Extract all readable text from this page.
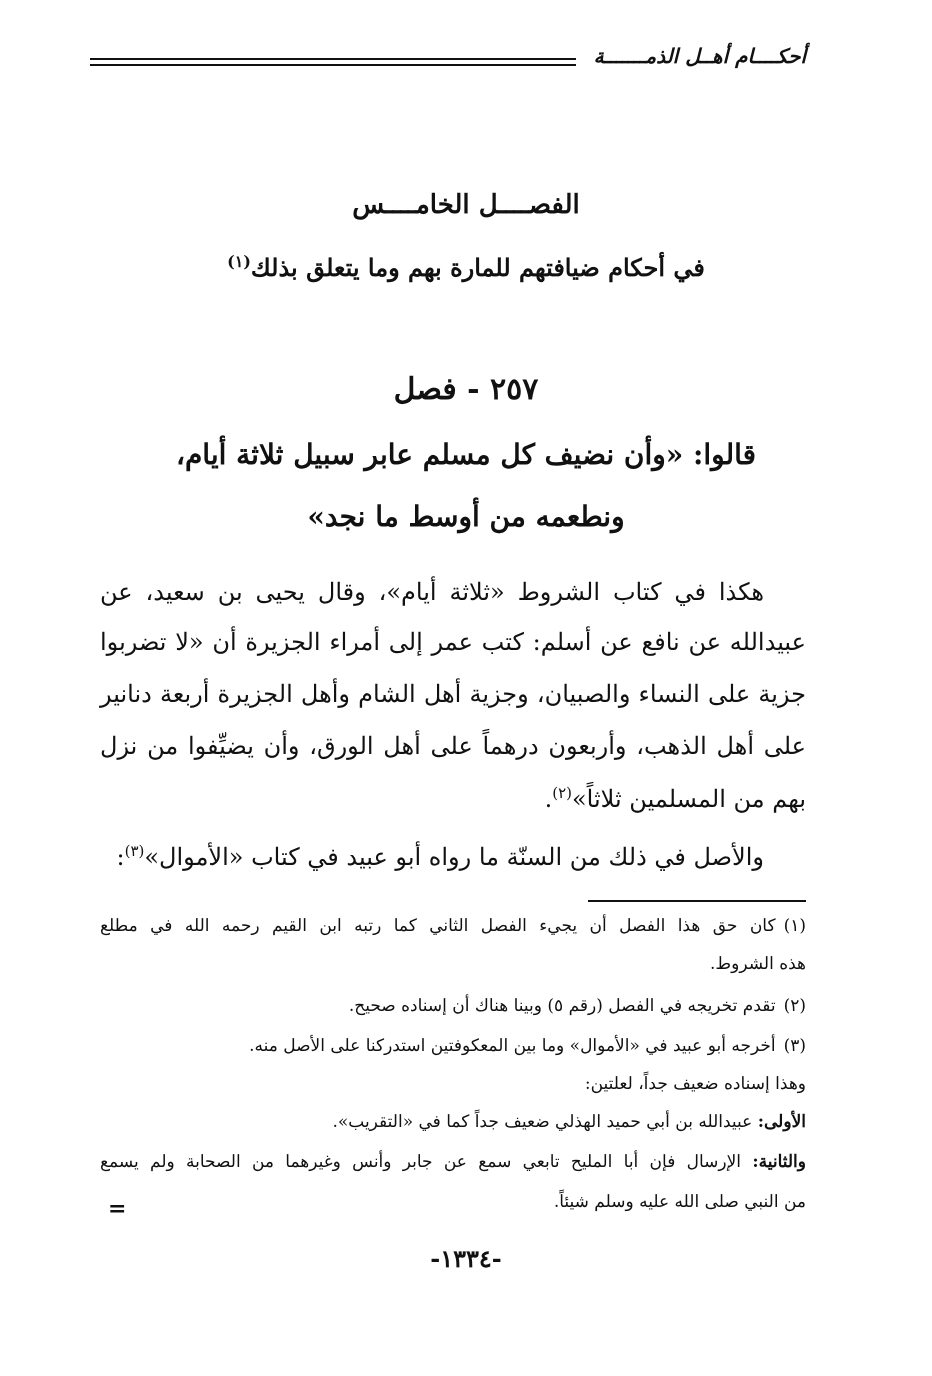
أحكــــام أهــل الذمـــــــة
الفصــــل الخامــــس
في أحكام ضيافتهم للمارة بهم وما يتعلق بذلك$^{(١)}$
٢٥٧ - فصل
قالوا: «وأن نضيف كل مسلم عابر سبيل ثلاثة أيام،
ونطعمه من أوسط ما نجد»
هكذا في كتاب الشروط «ثلاثة أيام»، وقال يحيى بن سعيد، عن
عبيدالله عن نافع عن أسلم: كتب عمر إلى أمراء الجزيرة أن «لا تضربوا
جزية على النساء والصبيان، وجزية أهل الشام وأهل الجزيرة أربعة دنانير
على أهل الذهب، وأربعون درهماً على أهل الورق، وأن يضيِّفوا من نزل
بهم من المسلمين ثلاثاً»$^{(٢)}$.
والأصل في ذلك من السنّة ما رواه أبو عبيد في كتاب «الأموال»$^{(٣)}$:
(١)كان حق هذا الفصل أن يجيء الفصل الثاني كما رتبه ابن القيم رحمه الله في مطلع
هذه الشروط.
(٢)تقدم تخريجه في الفصل (رقم ٥) وبينا هناك أن إسناده صحيح.
(٣)أخرجه أبو عبيد في «الأموال» وما بين المعكوفتين استدركنا على الأصل منه.
وهذا إسناده ضعيف جداً، لعلتين:
الأولى: عبيدالله بن أبي حميد الهذلي ضعيف جداً كما في «التقريب».
والثانية: الإرسال فإن أبا المليح تابعي سمع عن جابر وأنس وغيرهما من الصحابة ولم يسمع
من النبي صلى الله عليه وسلم شيئاً.
=
-١٣٣٤-
